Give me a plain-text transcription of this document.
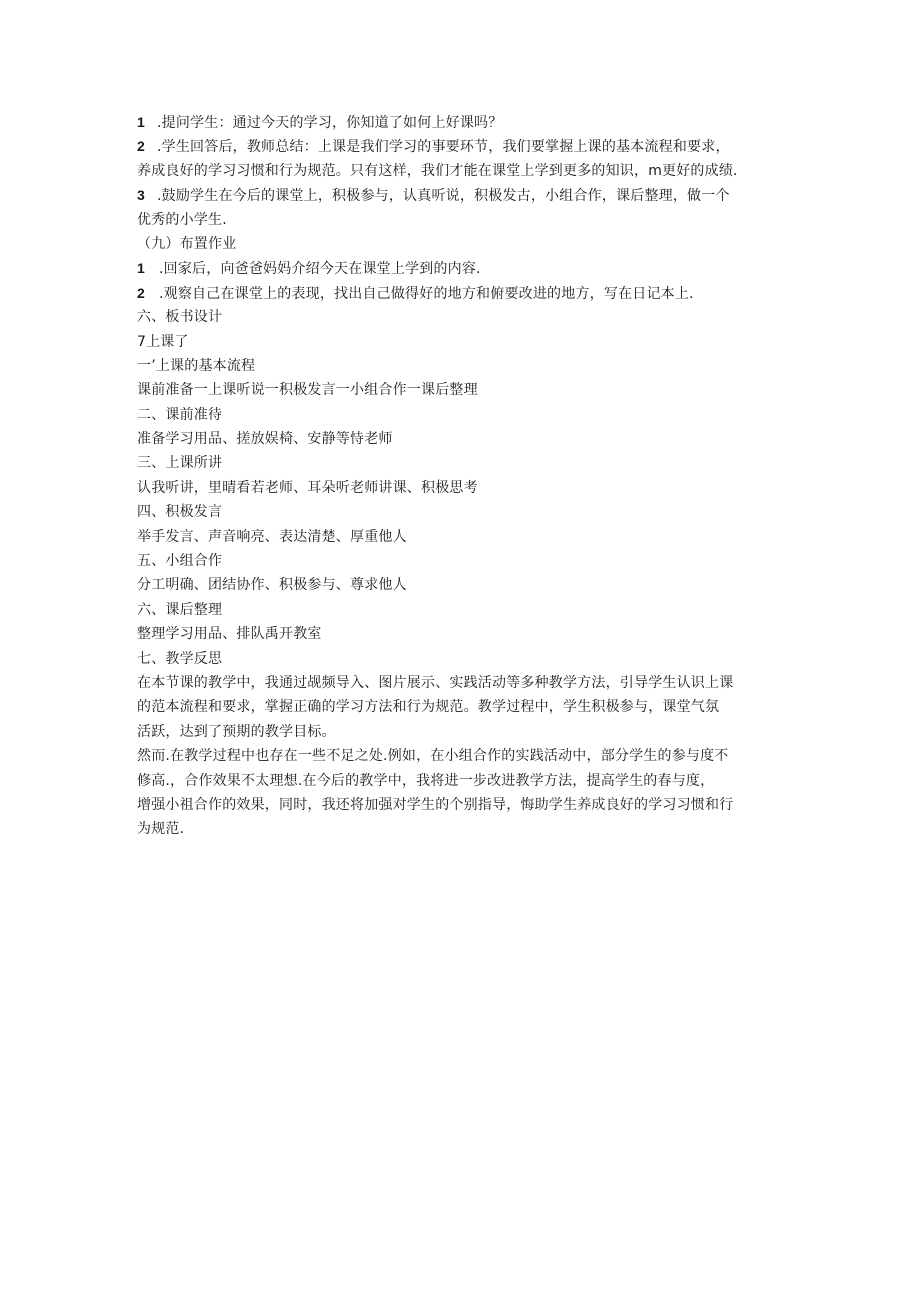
1 .提问学生：通过今天的学习，你知道了如何上好课吗？
2 .学生回答后，教师总结：上课是我们学习的事要环节，我们要掌握上课的基本流程和要求，
养成良好的学习习惯和行为规范。只有这样，我们才能在课堂上学到更多的知识，m更好的成绩.
3 .鼓励学生在今后的课堂上，积极参与，认真听说，积极发古，小组合作，课后整理，做一个
优秀的小学生.
（九）布置作业
1 .回家后，向爸爸妈妈介绍今天在课堂上学到的内容.
2 .观察自己在课堂上的表现，找出自己做得好的地方和俯要改进的地方，写在日记本上.
六、板书设计
7上课了
一’上课的基本流程
课前准备一上课听说一积极发言一小组合作一课后整理
二、课前准待
准备学习用品、搓放娱椅、安静等恃老师
三、上课所讲
认我听讲，里晴看若老师、耳朵听老师讲课、积极思考
四、积极发言
举手发言、声音响亮、表达清楚、厚重他人
五、小组合作
分工明确、团结协作、积极参与、尊求他人
六、课后整理
整理学习用品、排队禹开教室
七、教学反思
在本节课的教学中，我通过觇频导入、图片展示、实践活动等多种教学方法，引导学生认识上课
的范本流程和要求，掌握正确的学习方法和行为规范。教学过程中，学生积极参与，课堂气氛
活跃，达到了预期的教学目标。
然而.在教学过程中也存在一些不足之处.例如，在小组合作的实践活动中，部分学生的参与度不
修高.，合作效果不太理想.在今后的教学中，我将进一步改进教学方法，提高学生的春与度，
增强小祖合作的效果，同时，我还将加强对学生的个别指导，悔助学生养成良好的学习习惯和行
为规范.
